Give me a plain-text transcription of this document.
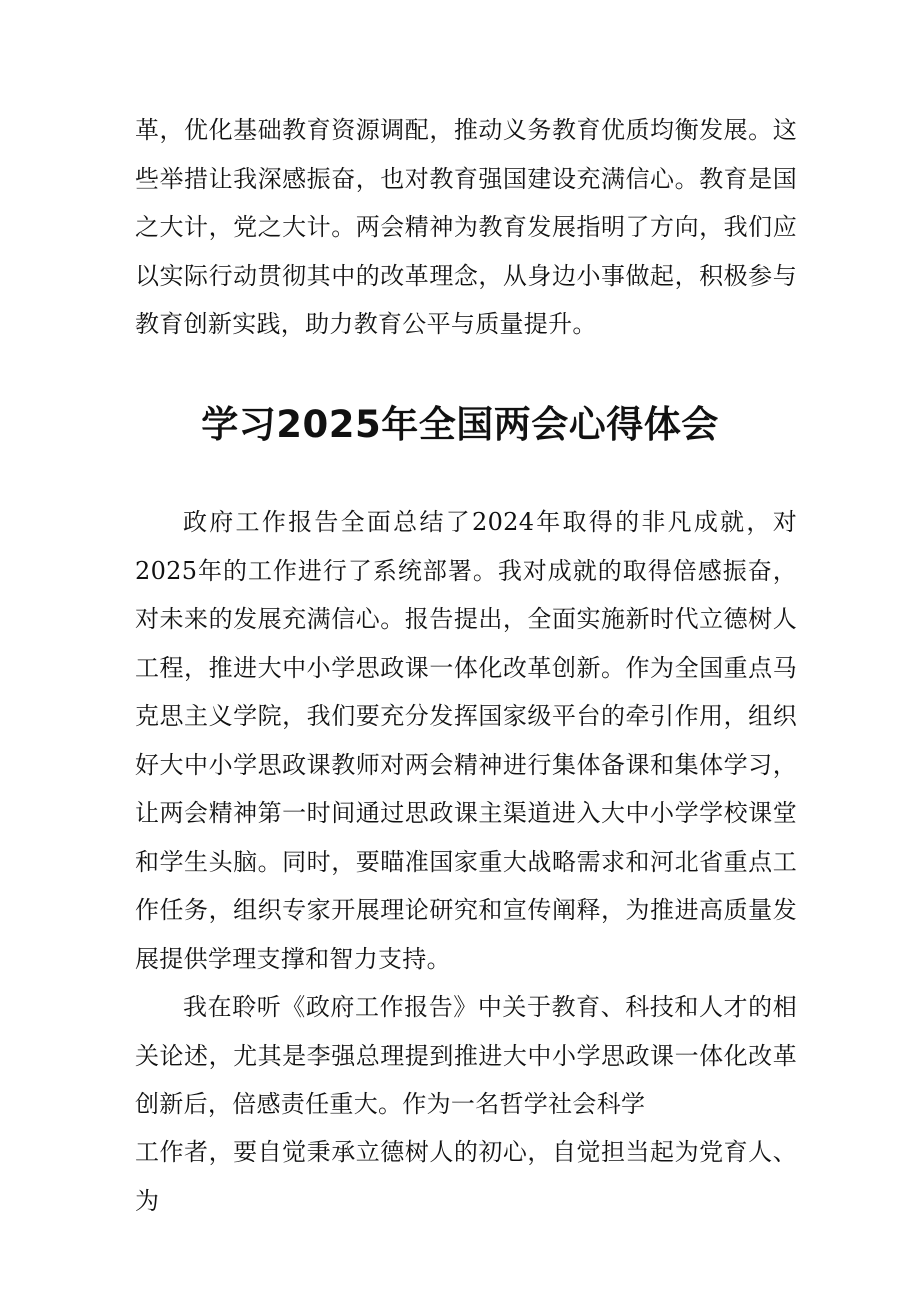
革，优化基础教育资源调配，推动义务教育优质均衡发展。这些举措让我深感振奋，也对教育强国建设充满信心。教育是国之大计，党之大计。两会精神为教育发展指明了方向，我们应以实际行动贯彻其中的改革理念，从身边小事做起，积极参与教育创新实践，助力教育公平与质量提升。

学习2025年全国两会心得体会

政府工作报告全面总结了2024年取得的非凡成就，对2025年的工作进行了系统部署。我对成就的取得倍感振奋，对未来的发展充满信心。报告提出，全面实施新时代立德树人工程，推进大中小学思政课一体化改革创新。作为全国重点马克思主义学院，我们要充分发挥国家级平台的牵引作用，组织好大中小学思政课教师对两会精神进行集体备课和集体学习，让两会精神第一时间通过思政课主渠道进入大中小学学校课堂和学生头脑。同时，要瞄准国家重大战略需求和河北省重点工作任务，组织专家开展理论研究和宣传阐释，为推进高质量发展提供学理支撑和智力支持。

我在聆听《政府工作报告》中关于教育、科技和人才的相关论述，尤其是李强总理提到推进大中小学思政课一体化改革创新后，倍感责任重大。作为一名哲学社会科学

工作者，要自觉秉承立德树人的初心，自觉担当起为党育人、为
